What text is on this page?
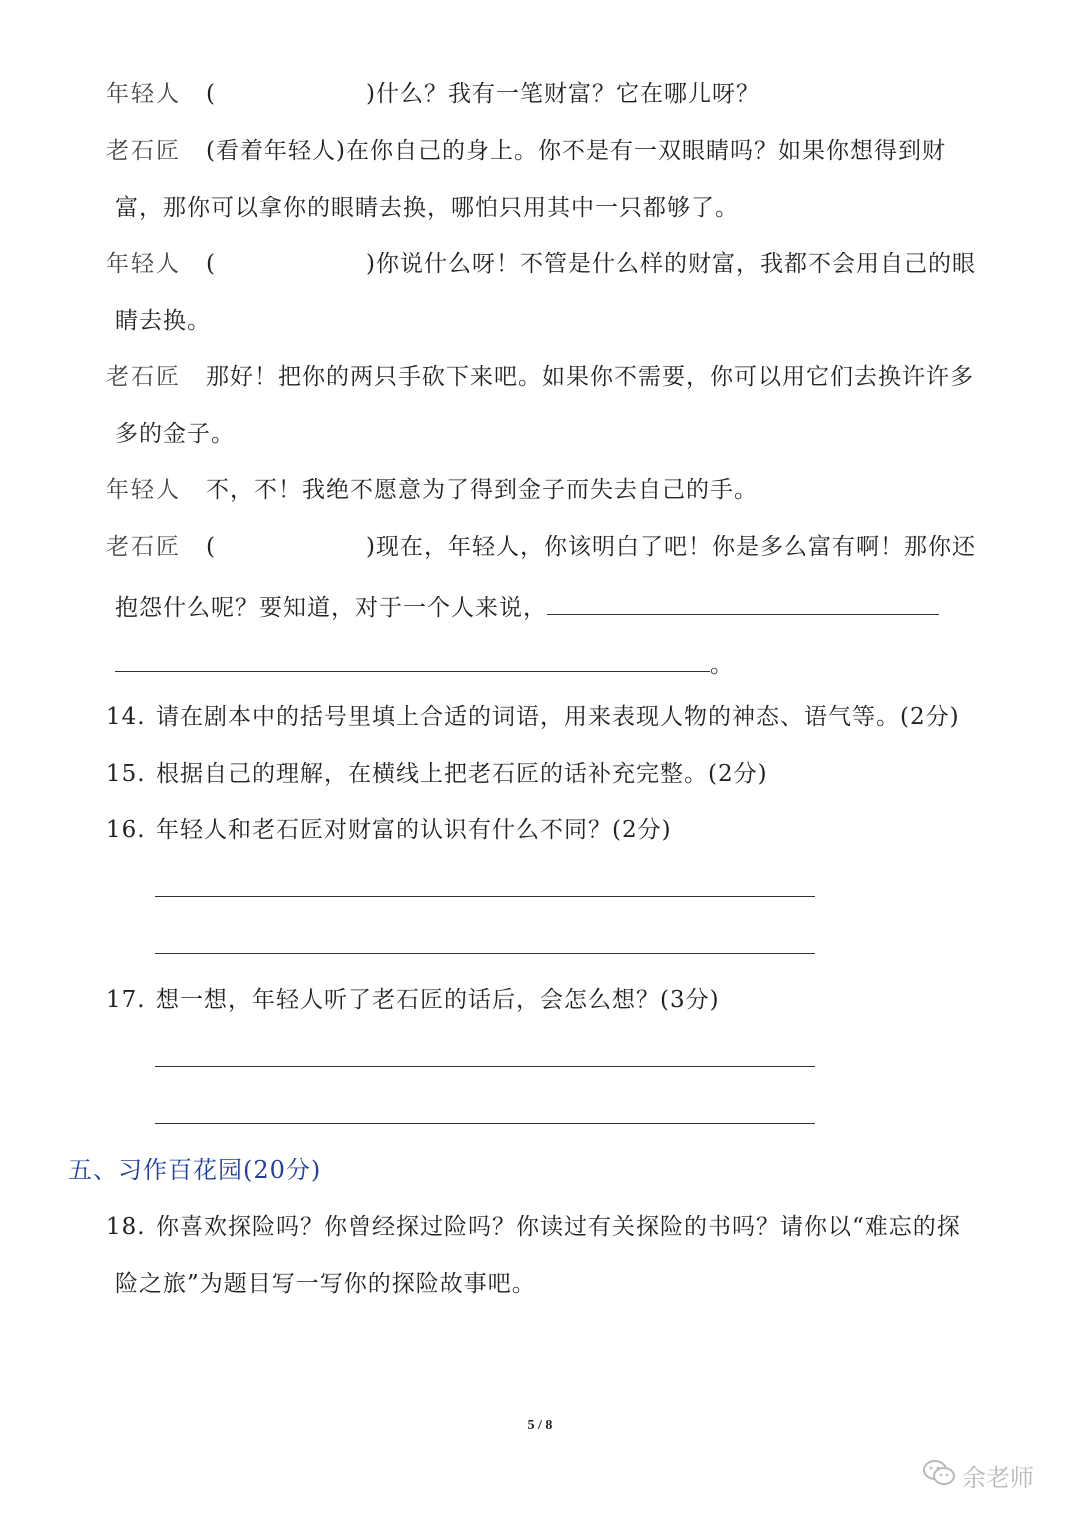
年轻人 (	)什么？我有一笔财富？它在哪儿呀？
老石匠 (看着年轻人)在你自己的身上。你不是有一双眼睛吗？如果你想得到财
富，那你可以拿你的眼睛去换，哪怕只用其中一只都够了。
年轻人 (	)你说什么呀！不管是什么样的财富，我都不会用自己的眼
睛去换。
老石匠 那好！把你的两只手砍下来吧。如果你不需要，你可以用它们去换许许多
多的金子。
年轻人 不，不！我绝不愿意为了得到金子而失去自己的手。
老石匠 (	)现在，年轻人，你该明白了吧！你是多么富有啊！那你还
抱怨什么呢？要知道，对于一个人来说，
。
14. 请在剧本中的括号里填上合适的词语，用来表现人物的神态、语气等。(2分)
15. 根据自己的理解，在横线上把老石匠的话补充完整。(2分)
16. 年轻人和老石匠对财富的认识有什么不同？(2分)
17. 想一想，年轻人听了老石匠的话后，会怎么想？(3分)
五、习作百花园(20分)
18. 你喜欢探险吗？你曾经探过险吗？你读过有关探险的书吗？请你以“难忘的探
险之旅”为题目写一写你的探险故事吧。
5 / 8
余老师
